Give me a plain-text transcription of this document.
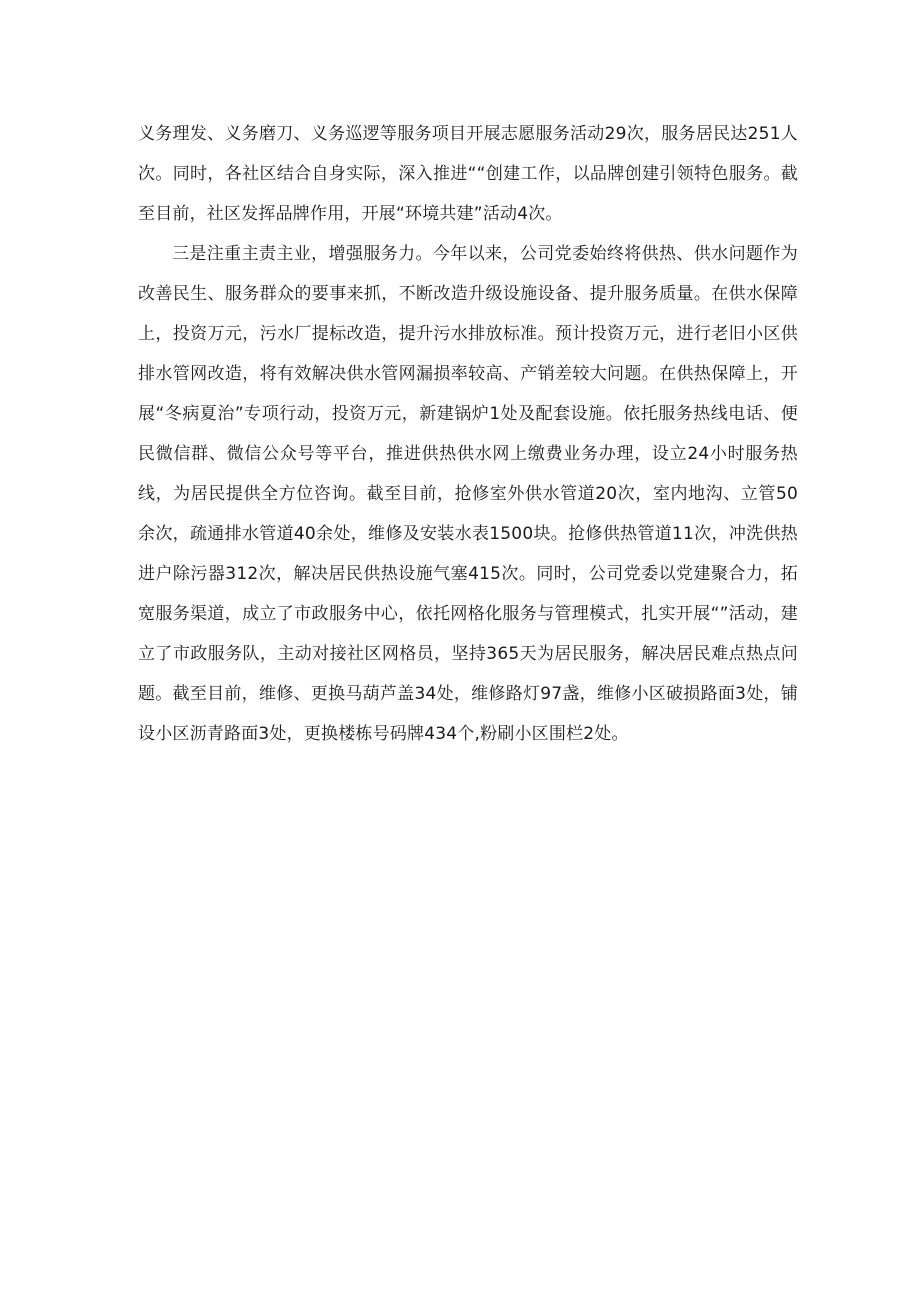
义务理发、义务磨刀、义务巡逻等服务项目开展志愿服务活动29次，服务居民达251人次。同时，各社区结合自身实际，深入推进““创建工作，以品牌创建引领特色服务。截至目前，社区发挥品牌作用，开展“环境共建”活动4次。

三是注重主责主业，增强服务力。今年以来，公司党委始终将供热、供水问题作为改善民生、服务群众的要事来抓，不断改造升级设施设备、提升服务质量。在供水保障上，投资万元，污水厂提标改造，提升污水排放标准。预计投资万元，进行老旧小区供排水管网改造，将有效解决供水管网漏损率较高、产销差较大问题。在供热保障上，开展“冬病夏治”专项行动，投资万元，新建锅炉1处及配套设施。依托服务热线电话、便民微信群、微信公众号等平台，推进供热供水网上缴费业务办理，设立24小时服务热线，为居民提供全方位咨询。截至目前，抢修室外供水管道20次，室内地沟、立管50余次，疏通排水管道40余处，维修及安装水表1500块。抢修供热管道11次，冲洗供热进户除污器312次，解决居民供热设施气塞415次。同时，公司党委以党建聚合力，拓宽服务渠道，成立了市政服务中心，依托网格化服务与管理模式，扎实开展“”活动，建立了市政服务队，主动对接社区网格员，坚持365天为居民服务，解决居民难点热点问题。截至目前，维修、更换马葫芦盖34处，维修路灯97盏，维修小区破损路面3处，铺设小区沥青路面3处，更换楼栋号码牌434个,粉刷小区围栏2处。
